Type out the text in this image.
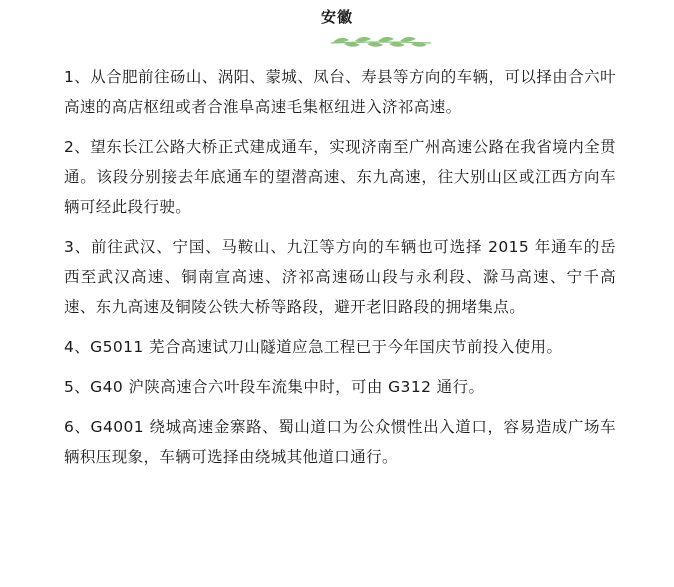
安徽

1、从合肥前往砀山、涡阳、蒙城、凤台、寿县等方向的车辆，可以择由合六叶高速的高店枢纽或者合淮阜高速毛集枢纽进入济祁高速。

2、望东长江公路大桥正式建成通车，实现济南至广州高速公路在我省境内全贯通。该段分别接去年底通车的望潜高速、东九高速，往大别山区或江西方向车辆可经此段行驶。

3、前往武汉、宁国、马鞍山、九江等方向的车辆也可选择 2015 年通车的岳西至武汉高速、铜南宣高速、济祁高速砀山段与永利段、滁马高速、宁千高速、东九高速及铜陵公铁大桥等路段，避开老旧路段的拥堵集点。

4、G5011 芜合高速试刀山隧道应急工程已于今年国庆节前投入使用。

5、G40 沪陕高速合六叶段车流集中时，可由 G312 通行。

6、G4001 绕城高速金寨路、蜀山道口为公众惯性出入道口，容易造成广场车辆积压现象，车辆可选择由绕城其他道口通行。
